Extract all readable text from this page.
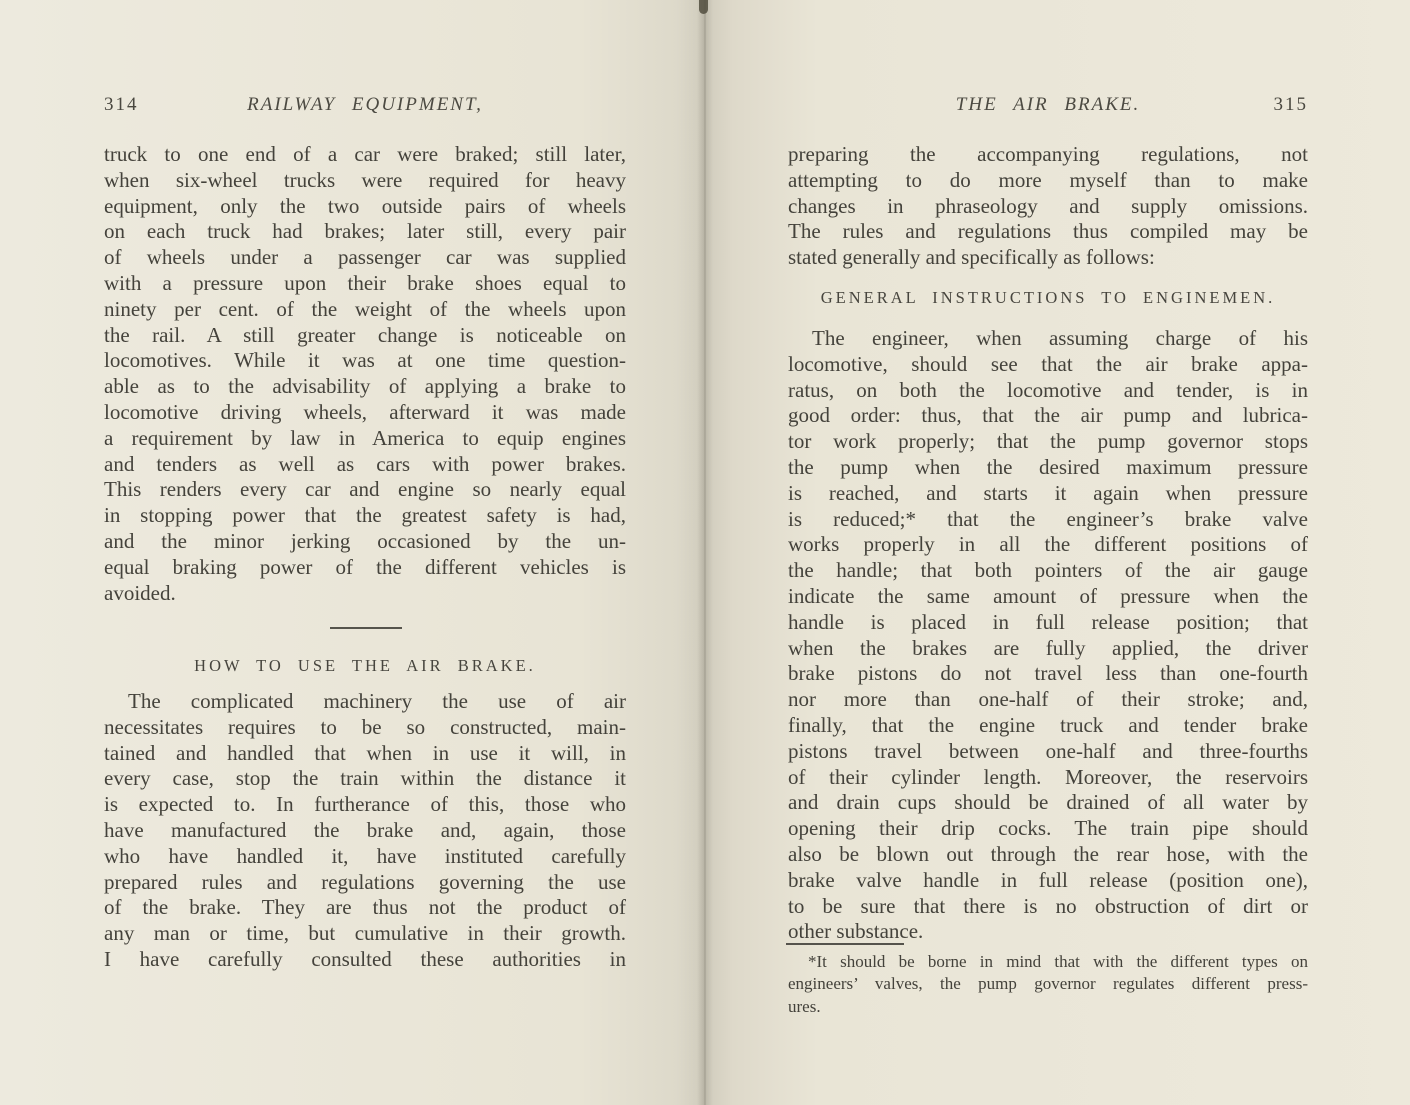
314	RAILWAY EQUIPMENT,
truck to one end of a car were braked; still later,
when six-wheel trucks were required for heavy
equipment, only the two outside pairs of wheels
on each truck had brakes; later still, every pair
of wheels under a passenger car was supplied
with a pressure upon their brake shoes equal to
ninety per cent. of the weight of the wheels upon
the rail. A still greater change is noticeable on
locomotives. While it was at one time question-
able as to the advisability of applying a brake to
locomotive driving wheels, afterward it was made
a requirement by law in America to equip engines
and tenders as well as cars with power brakes.
This renders every car and engine so nearly equal
in stopping power that the greatest safety is had,
and the minor jerking occasioned by the un-
equal braking power of the different vehicles is
avoided.
HOW TO USE THE AIR BRAKE.
The complicated machinery the use of air
necessitates requires to be so constructed, main-
tained and handled that when in use it will, in
every case, stop the train within the distance it
is expected to. In furtherance of this, those who
have manufactured the brake and, again, those
who have handled it, have instituted carefully
prepared rules and regulations governing the use
of the brake. They are thus not the product of
any man or time, but cumulative in their growth.
I have carefully consulted these authorities in
THE AIR BRAKE.	315
preparing the accompanying regulations, not
attempting to do more myself than to make
changes in phraseology and supply omissions.
The rules and regulations thus compiled may be
stated generally and specifically as follows:
GENERAL INSTRUCTIONS TO ENGINEMEN.
The engineer, when assuming charge of his
locomotive, should see that the air brake appa-
ratus, on both the locomotive and tender, is in
good order: thus, that the air pump and lubrica-
tor work properly; that the pump governor stops
the pump when the desired maximum pressure
is reached, and starts it again when pressure
is reduced;* that the engineer’s brake valve
works properly in all the different positions of
the handle; that both pointers of the air gauge
indicate the same amount of pressure when the
handle is placed in full release position; that
when the brakes are fully applied, the driver
brake pistons do not travel less than one-fourth
nor more than one-half of their stroke; and,
finally, that the engine truck and tender brake
pistons travel between one-half and three-fourths
of their cylinder length. Moreover, the reservoirs
and drain cups should be drained of all water by
opening their drip cocks. The train pipe should
also be blown out through the rear hose, with the
brake valve handle in full release (position one),
to be sure that there is no obstruction of dirt or
other substance.
*It should be borne in mind that with the different types on
engineers’ valves, the pump governor regulates different press-
ures.
